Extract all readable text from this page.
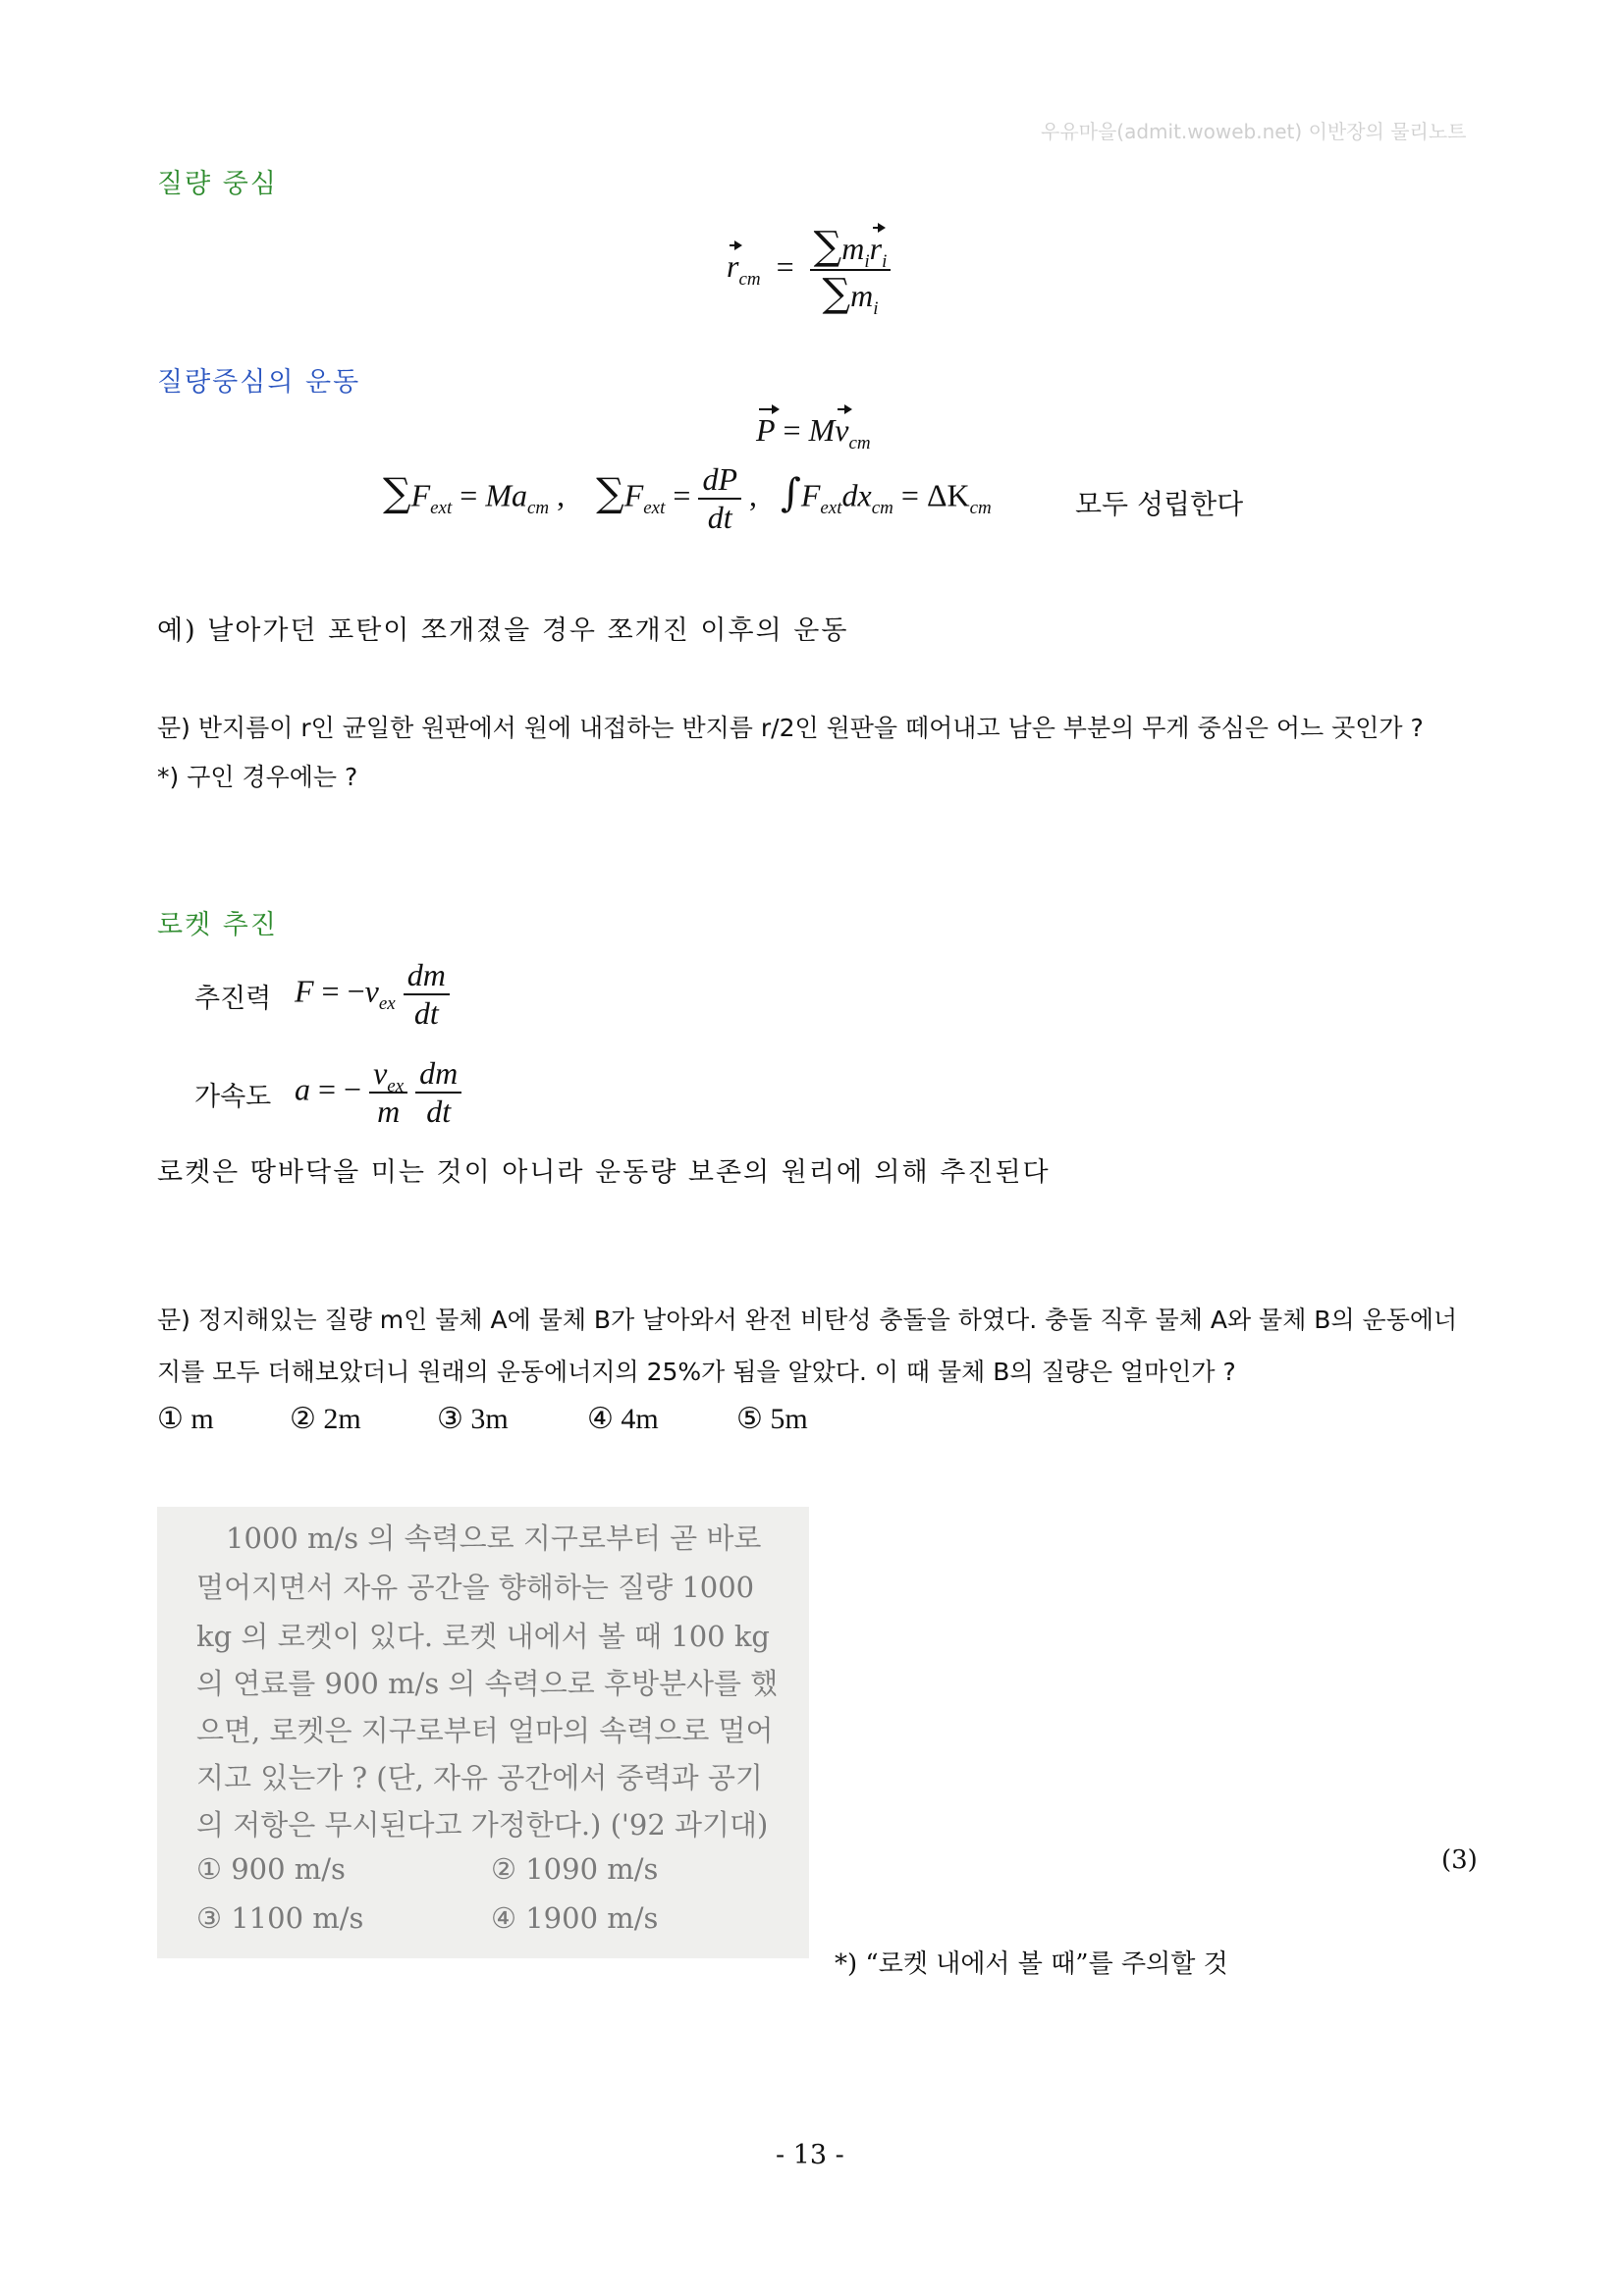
우유마을(admit.woweb.net) 이반장의 물리노트
질량 중심
$r_{cm} = \frac{\sum m_ir_i}{\sum m_i}$
질량중심의 운동
$P = Mv_{cm}$
$\sum F_{ext} = Ma_{cm}$ ,    $\sum F_{ext} = \frac{dP}{dt}$ ,   $\int F_{ext}dx_{cm} = \Delta K_{cm}$	모두 성립한다
예) 날아가던 포탄이 쪼개졌을 경우 쪼개진 이후의 운동
문) 반지름이 r인 균일한 원판에서 원에 내접하는 반지름 r/2인 원판을 떼어내고 남은 부분의 무게 중심은 어느 곳인가 ?
*) 구인 경우에는 ?
로켓 추진
추진력 $F = -v_{ex} \frac{dm}{dt}$
가속도 a = − $\frac{v_{ex}}{m}$
$\frac{dm}{dt}$
로켓은 땅바닥을 미는 것이 아니라 운동량 보존의 원리에 의해 추진된다
문) 정지해있는 질량 m인 물체 A에 물체 B가 날아와서 완전 비탄성 충돌을 하였다. 충돌 직후 물체 A와 물체 B의 운동에너
지를 모두 더해보았더니 원래의 운동에너지의 25%가 됨을 알았다. 이 때 물체 B의 질량은 얼마인가 ?
① m	② 2m	③ 3m	④ 4m	⑤ 5m
1000 m/s 의 속력으로 지구로부터 곧 바로
멀어지면서 자유 공간을 향해하는 질량 1000
kg 의 로켓이 있다. 로켓 내에서 볼 때 100 kg
의 연료를 900 m/s 의 속력으로 후방분사를 했
으면, 로켓은 지구로부터 얼마의 속력으로 멀어
지고 있는가 ? (단, 자유 공간에서 중력과 공기
의 저항은 무시된다고 가정한다.) ('92 과기대)
① 900 m/s	② 1090 m/s
③ 1100 m/s	④ 1900 m/s
(3)
*) “로켓 내에서 볼 때”를 주의할 것
- 13 -
